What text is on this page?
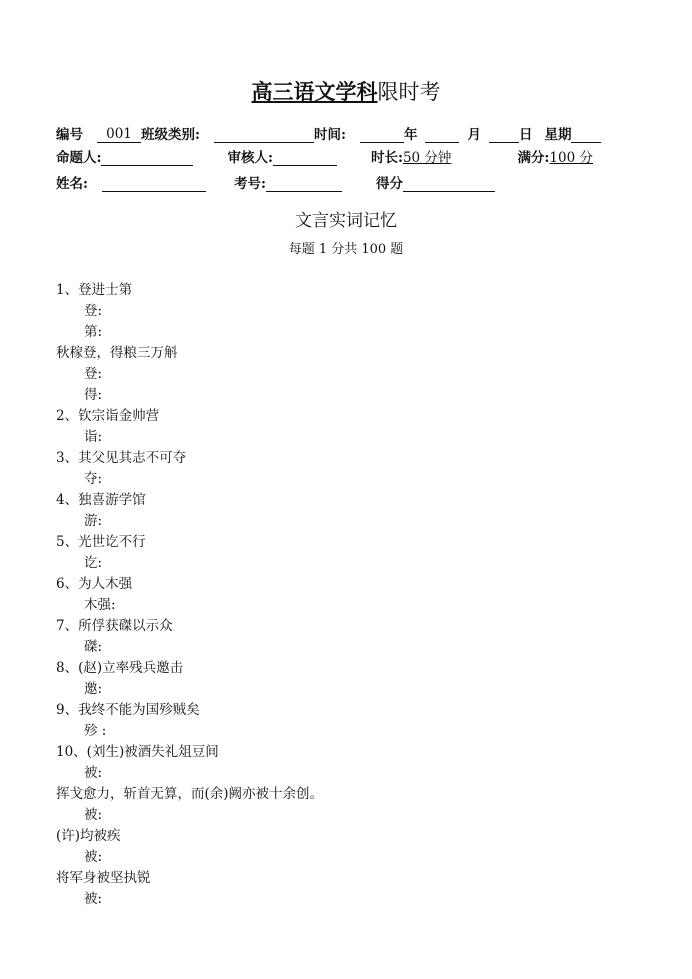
高三语文学科限时考
编号 001 班级类别:	时间:	年	月	日 星期
命题人:	审核人:	时长:50 分钟	满分:100 分
姓名:	考号:	得分
文言实词记忆
每题 1 分共 100 题
1、登进士第
登:
第:
秋稼登，得粮三万斛
登:
得:
2、钦宗诣金帅营
诣:
3、其父见其志不可夺
夺:
4、独喜游学馆
游:
5、光世讫不行
讫:
6、为人木强
木强:
7、所俘获磔以示众
磔:
8、(赵)立率残兵邀击
邀:
9、我终不能为国殄贼矣
殄 :
10、(刘生)被酒失礼俎豆间
被:
挥戈愈力，斩首无算，而(余)阙亦被十余创。
被:
(许)均被疾
被:
将军身被坚执锐
被:
